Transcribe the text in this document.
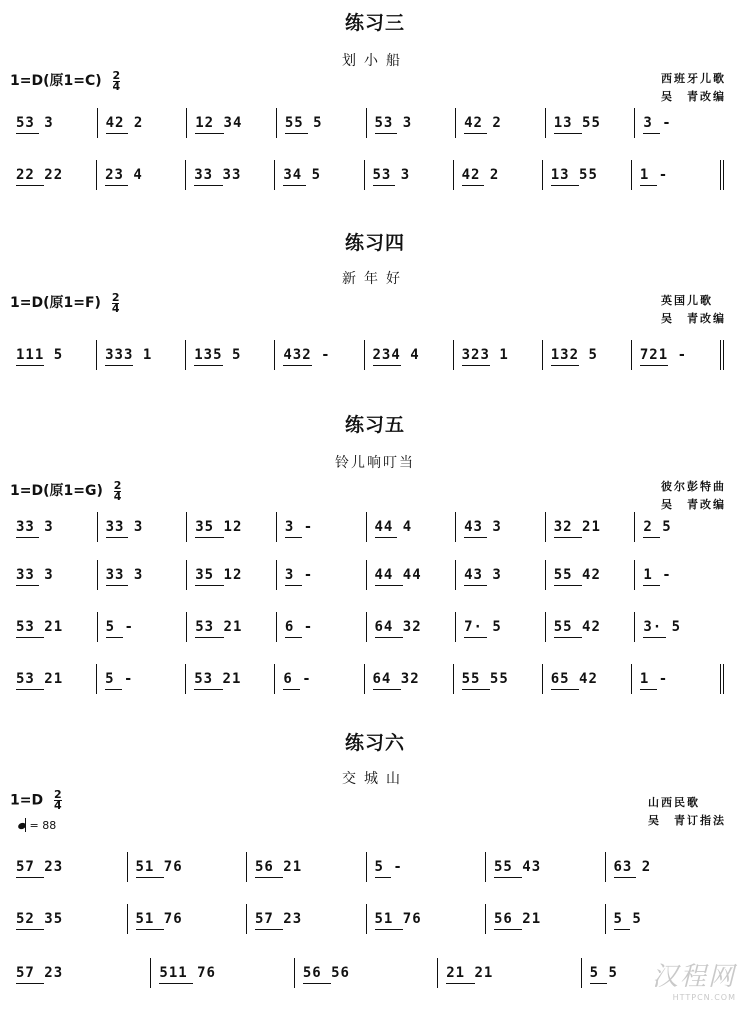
练习三
划小船
1=D(原$1=C) \frac{2}{4}$	西班牙儿歌
吴　青改编
53 3	42 2	12 34	55 5	53 3	42 2	13 55	3 -
22 22	23 4	33 33	34 5	53 3	42 2	13 55	1 -
练习四
新年好
1=D(原$1=F) \frac{2}{4}$	英国儿歌
吴　青改编
111 5	333 1	135 5	432 -	234 4	323 1	132 5	721 -
练习五
铃儿响叮当
1=D(原$1=G) \frac{2}{4}$	彼尔彭特曲
吴　青改编
33 3	33 3	35 12	3 -	44 4	43 3	32 21	2 5
33 3	33 3	35 12	3 -	44 44	43 3	55 42	1 -
53 21	5 -	53 21	6 -	64 32	7· 5	55 42	3· 5
53 21	5 -	53 21	6 -	64 32	55 55	65 42	1 -
练习六
交城山
$1=D \frac{2}{4}$
= 88
山西民歌
吴　青订指法
57 23	51 76	56 21	5 -	55 43	63 2
52 35	51 76	57 23	51 76	56 21	5 5
57 23	511 76	56 56	21 21	5 5 汉程网
HTTPCN.COM
